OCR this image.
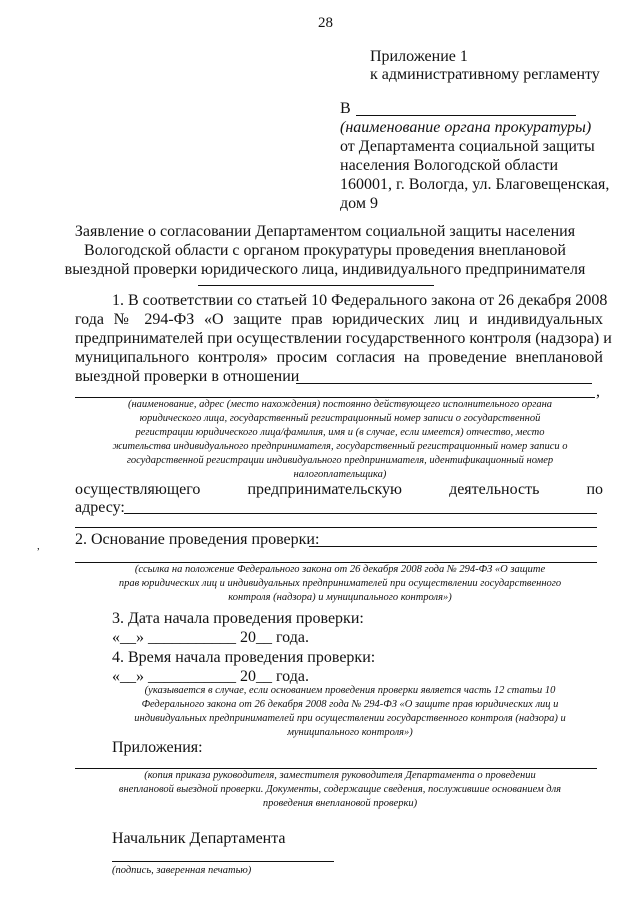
28
Приложение 1
к административному регламенту
В
(наименование органа прокуратуры)
от Департамента социальной защиты
населения Вологодской области
160001, г. Вологда, ул. Благовещенская,
дом 9
Заявление о согласовании Департаментом социальной защиты населения
Вологодской области с органом прокуратуры проведения внеплановой
выездной проверки юридического лица, индивидуального предпринимателя
1. В соответствии со статьей 10 Федерального закона от 26 декабря 2008
года № 294-ФЗ «О защите прав юридических лиц и индивидуальных
предпринимателей при осуществлении государственного контроля (надзора) и
муниципального контроля» просим согласия на проведение внеплановой
выездной проверки в отношении
,
(наименование, адрес (место нахождения) постоянно действующего исполнительного органа
юридического лица, государственный регистрационный номер записи о государственной
регистрации юридического лица/фамилия, имя и (в случае, если имеется) отчество, место
жительства индивидуального предпринимателя, государственный регистрационный номер записи о
государственной регистрации индивидуального предпринимателя, идентификационный номер
налогоплательщика)
осуществляющего	предпринимательскую	деятельность	по
адресу:
, 2. Основание проведения проверки:
(ссылка на положение Федерального закона от 26 декабря 2008 года № 294-ФЗ «О защите
прав юридических лиц и индивидуальных предпринимателей при осуществлении государственного
контроля (надзора) и муниципального контроля»)
3. Дата начала проведения проверки:
«__» ___________ 20__ года.
4. Время начала проведения проверки:
«__» ___________ 20__ года.
(указывается в случае, если основанием проведения проверки является часть 12 статьи 10
Федерального закона от 26 декабря 2008 года № 294-ФЗ «О защите прав юридических лиц и
индивидуальных предпринимателей при осуществлении государственного контроля (надзора) и
муниципального контроля»)
Приложения:
(копия приказа руководителя, заместителя руководителя Департамента о проведении
внеплановой выездной проверки. Документы, содержащие сведения, послужившие основанием для
проведения внеплановой проверки)
Начальник Департамента
(подпись, заверенная печатью)
